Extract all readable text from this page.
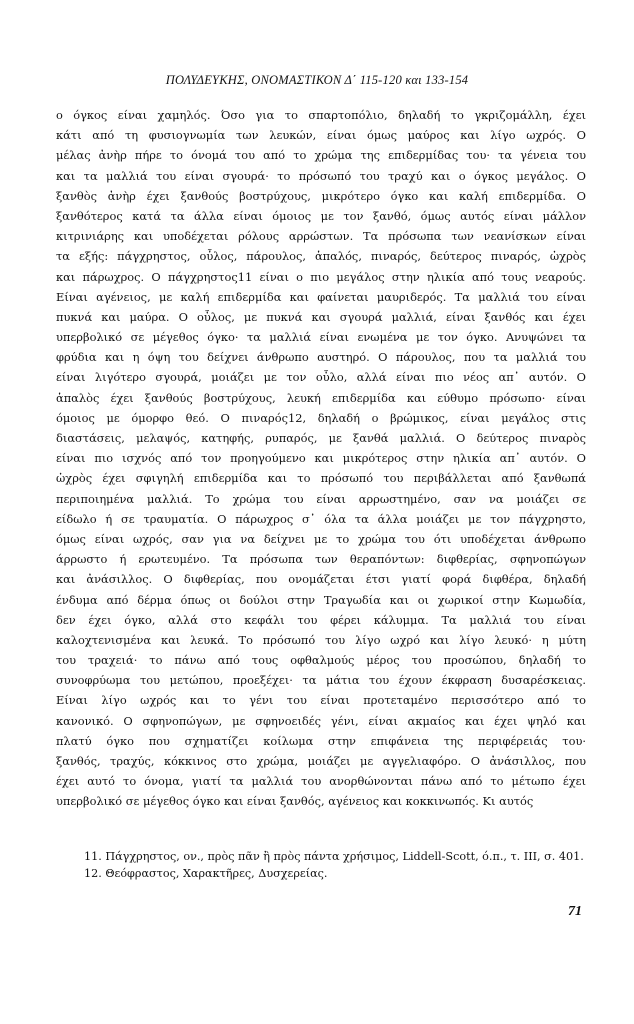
ΠΟΛΥΔΕΥΚΗΣ, ΟΝΟΜΑΣΤΙΚΟΝ Δ΄ 115-120 και 133-154
ο όγκος είναι χαμηλός. Όσο για το σπαρτοπόλιο, δηλαδή το γκριζομάλλη, έχει
κάτι από τη φυσιογνωμία των λευκών, είναι όμως μαύρος και λίγο ωχρός. Ο
μέλας ἀνὴρ πήρε το όνομά του από το χρώμα της επιδερμίδας του· τα γένεια του
και τα μαλλιά του είναι σγουρά· το πρόσωπό του τραχύ και ο όγκος μεγάλος. Ο
ξανθὸς ἀνὴρ έχει ξανθούς βοστρύχους, μικρότερο όγκο και καλή επιδερμίδα. Ο
ξανθότερος κατά τα άλλα είναι όμοιος με τον ξανθό, όμως αυτός είναι μάλλον
κιτρινιάρης και υποδέχεται ρόλους αρρώστων. Τα πρόσωπα των νεανίσκων είναι
τα εξής: πάγχρηστος, οὖλος, πάρουλος, ἁπαλός, πιναρός, δεύτερος πιναρός, ὠχρὸς
και πάρωχρος. Ο πάγχρηστος11 είναι ο πιο μεγάλος στην ηλικία από τους νεαρούς.
Είναι αγένειος, με καλή επιδερμίδα και φαίνεται μαυριδερός. Τα μαλλιά του είναι
πυκνά και μαύρα. Ο οὖλος, με πυκνά και σγουρά μαλλιά, είναι ξανθός και έχει
υπερβολικό σε μέγεθος όγκο· τα μαλλιά είναι ενωμένα με τον όγκο. Ανυψώνει τα
φρύδια και η όψη του δείχνει άνθρωπο αυστηρό. Ο πάρουλος, που τα μαλλιά του
είναι λιγότερο σγουρά, μοιάζει με τον οὖλο, αλλά είναι πιο νέος απ᾽ αυτόν. Ο
ἁπαλὸς έχει ξανθούς βοστρύχους, λευκή επιδερμίδα και εύθυμο πρόσωπο· είναι
όμοιος με όμορφο θεό. Ο πιναρός12, δηλαδή ο βρώμικος, είναι μεγάλος στις
διαστάσεις, μελαψός, κατηφής, ρυπαρός, με ξανθά μαλλιά. Ο δεύτερος πιναρὸς
είναι πιο ισχνός από τον προηγούμενο και μικρότερος στην ηλικία απ᾽ αυτόν. Ο
ὠχρὸς έχει σφιγηλή επιδερμίδα και το πρόσωπό του περιβάλλεται από ξανθωπά
περιποιημένα μαλλιά. Το χρώμα του είναι αρρωστημένο, σαν να μοιάζει σε
είδωλο ή σε τραυματία. Ο πάρωχρος σ᾽ όλα τα άλλα μοιάζει με τον πάγχρηστο,
όμως είναι ωχρός, σαν για να δείχνει με το χρώμα του ότι υποδέχεται άνθρωπο
άρρωστο ή ερωτευμένο. Τα πρόσωπα των θεραπόντων: διφθερίας, σφηνοπώγων
και ἀνάσιλλος. Ο διφθερίας, που ονομάζεται έτσι γιατί φορά διφθέρα, δηλαδή
ένδυμα από δέρμα όπως οι δούλοι στην Τραγωδία και οι χωρικοί στην Κωμωδία,
δεν έχει όγκο, αλλά στο κεφάλι του φέρει κάλυμμα. Τα μαλλιά του είναι
καλοχτενισμένα και λευκά. Το πρόσωπό του λίγο ωχρό και λίγο λευκό· η μύτη
του τραχειά· το πάνω από τους οφθαλμούς μέρος του προσώπου, δηλαδή το
συνοφρύωμα του μετώπου, προεξέχει· τα μάτια του έχουν έκφραση δυσαρέσκειας.
Είναι λίγο ωχρός και το γένι του είναι προτεταμένο περισσότερο από το
κανονικό. Ο σφηνοπώγων, με σφηνοειδές γένι, είναι ακμαίος και έχει ψηλό και
πλατύ όγκο που σχηματίζει κοίλωμα στην επιφάνεια της περιφέρειάς του·
ξανθός, τραχύς, κόκκινος στο χρώμα, μοιάζει με αγγελιαφόρο. Ο ἀνάσιλλος, που
έχει αυτό το όνομα, γιατί τα μαλλιά του ανορθώνονται πάνω από το μέτωπο έχει
υπερβολικό σε μέγεθος όγκο και είναι ξανθός, αγένειος και κοκκινωπός. Κι αυτός
11. Πάγχρηστος, ον., πρὸς πᾶν ἢ πρὸς πάντα χρήσιμος, Liddell-Scott, ό.π., τ. III, σ. 401.
12. Θεόφραστος, Χαρακτῆρες, Δυσχερείας.
71
